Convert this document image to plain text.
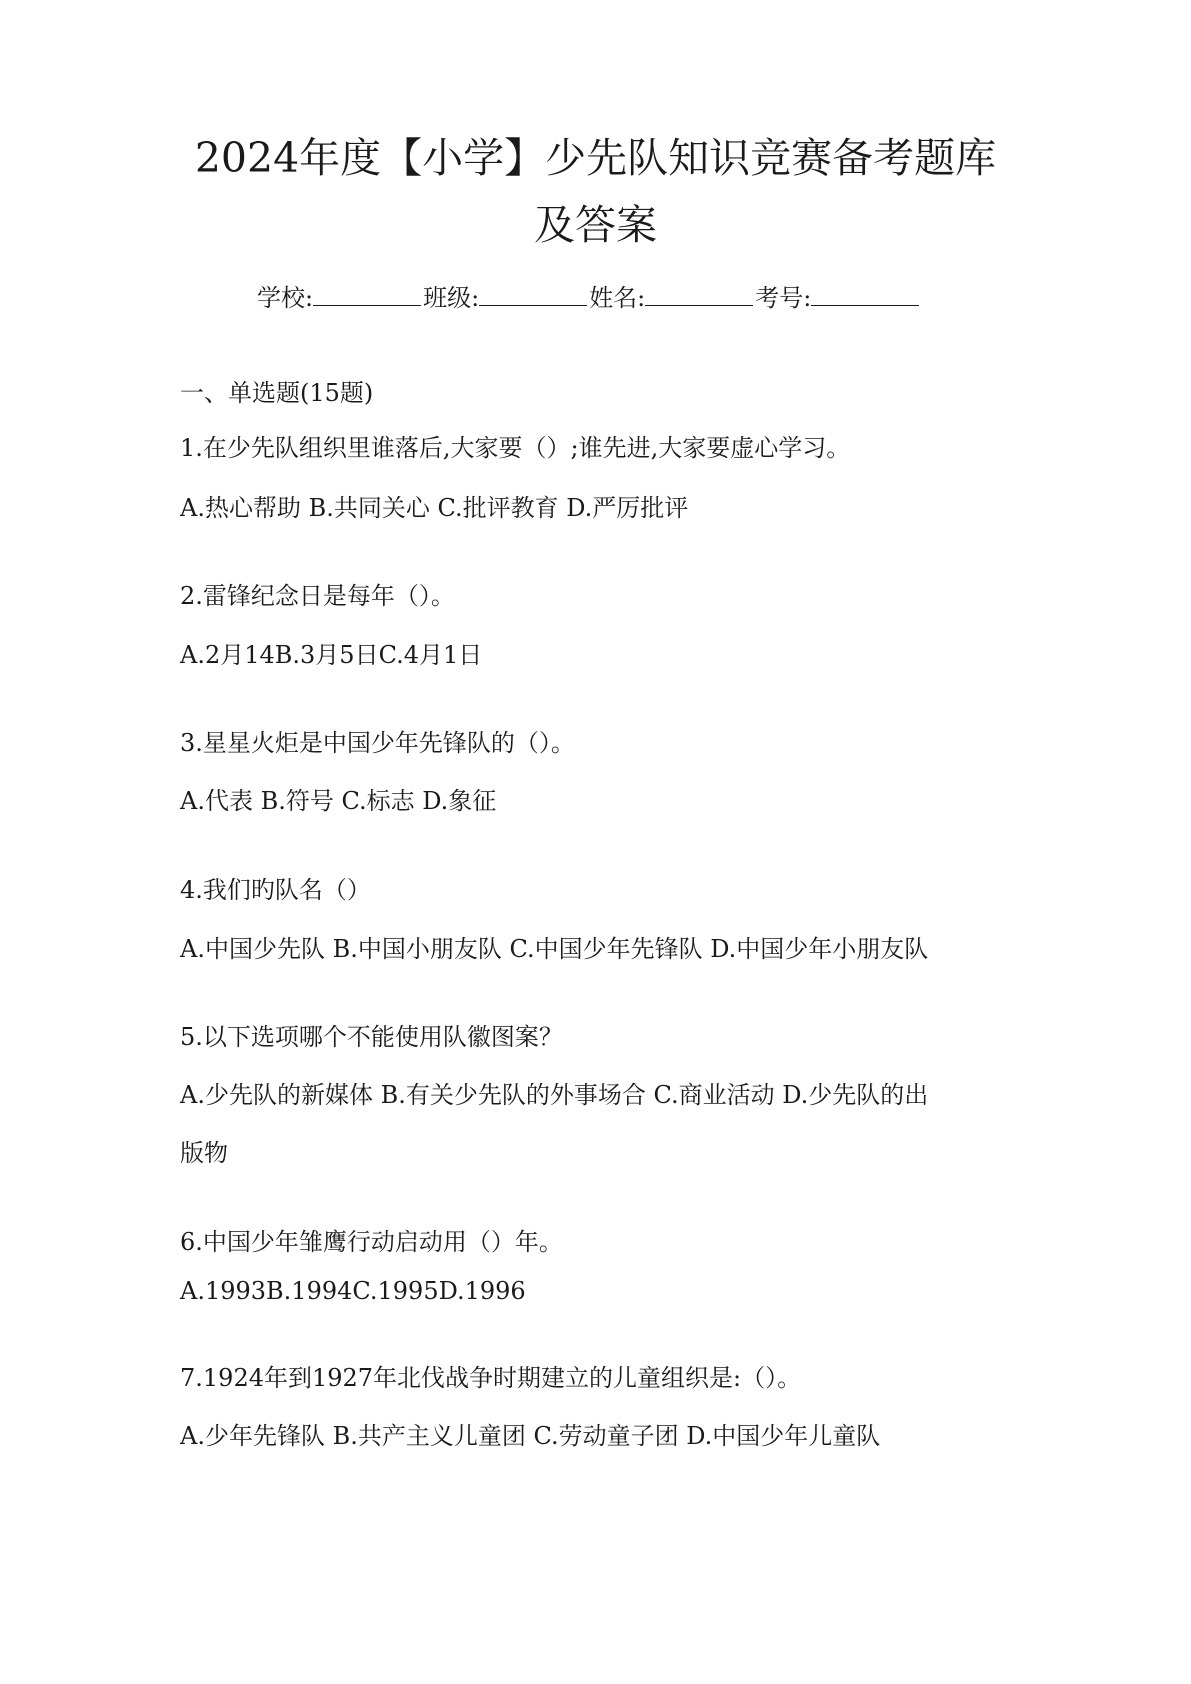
2024年度【小学】少先队知识竞赛备考题库
及答案
学校:	班级:	姓名:	考号:

一、单选题(15题)

1.在少先队组织里谁落后,大家要（）;谁先进,大家要虚心学习。

A.热心帮助 B.共同关心 C.批评教育 D.严厉批评

2.雷锋纪念日是每年（）。

A.2月14B.3月5日C.4月1日

3.星星火炬是中国少年先锋队的（）。

A.代表 B.符号 C.标志 D.象征

4.我们旳队名（）

A.中国少先队 B.中国小朋友队 C.中国少年先锋队 D.中国少年小朋友队

5.以下选项哪个不能使用队徽图案？

A.少先队的新媒体 B.有关少先队的外事场合 C.商业活动 D.少先队的出

版物

6.中国少年雏鹰行动启动用（）年。

A.1993B.1994C.1995D.1996

7.1924年到1927年北伐战争时期建立的儿童组织是:（）。

A.少年先锋队 B.共产主义儿童团 C.劳动童子团 D.中国少年儿童队
